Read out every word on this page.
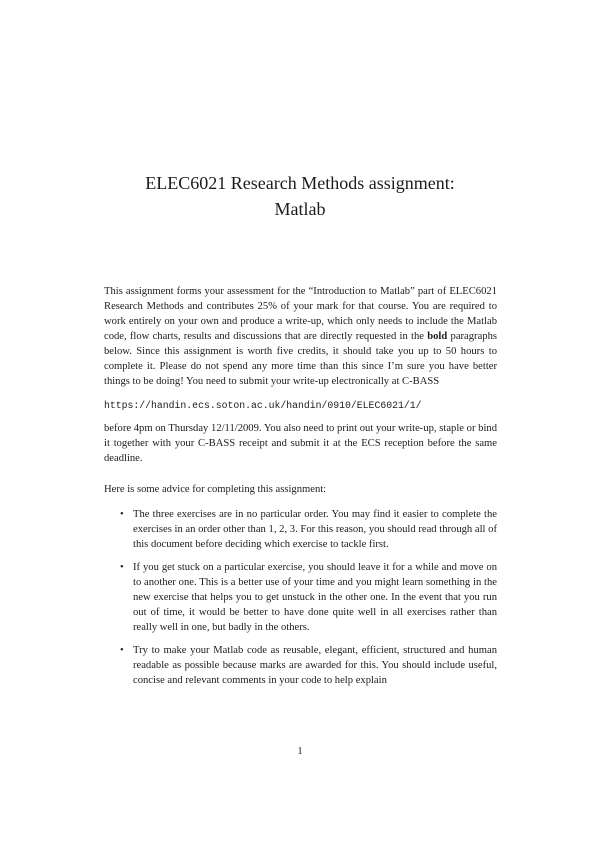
ELEC6021 Research Methods assignment:
Matlab

This assignment forms your assessment for the “Introduction to Matlab” part of ELEC6021 Research Methods and contributes 25% of your mark for that course. You are required to work entirely on your own and produce a write-up, which only needs to include the Matlab code, flow charts, results and discussions that are directly requested in the bold paragraphs below. Since this assignment is worth five credits, it should take you up to 50 hours to complete it. Please do not spend any more time than this since I’m sure you have better things to be doing! You need to submit your write-up electronically at C-BASS

https://handin.ecs.soton.ac.uk/handin/0910/ELEC6021/1/

before 4pm on Thursday 12/11/2009. You also need to print out your write-up, staple or bind it together with your C-BASS receipt and submit it at the ECS reception before the same deadline.

Here is some advice for completing this assignment:

• The three exercises are in no particular order. You may find it easier to complete the exercises in an order other than 1, 2, 3. For this reason, you should read through all of this document before deciding which exercise to tackle first.
• If you get stuck on a particular exercise, you should leave it for a while and move on to another one. This is a better use of your time and you might learn something in the new exercise that helps you to get unstuck in the other one. In the event that you run out of time, it would be better to have done quite well in all exercises rather than really well in one, but badly in the others.
• Try to make your Matlab code as reusable, elegant, efficient, structured and human readable as possible because marks are awarded for this. You should include useful, concise and relevant comments in your code to help explain
1
